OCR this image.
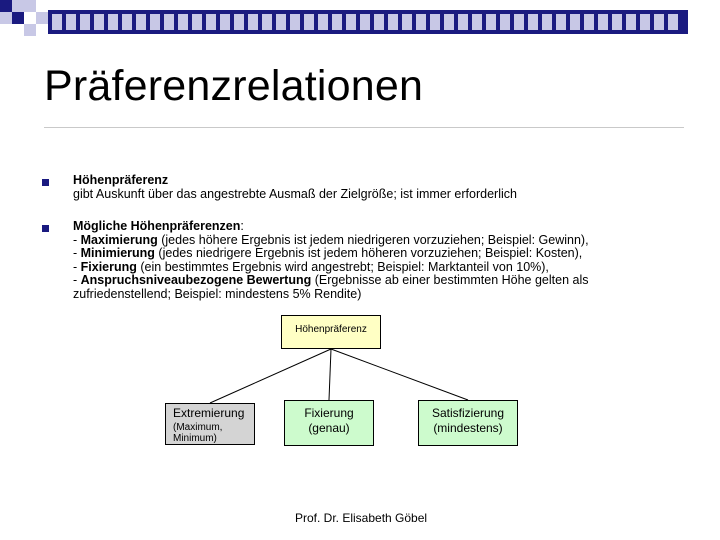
Präferenzrelationen
Höhenpräferenz
gibt Auskunft über das angestrebte Ausmaß der Zielgröße; ist immer erforderlich
Mögliche Höhenpräferenzen:
- Maximierung (jedes höhere Ergebnis ist jedem niedrigeren vorzuziehen; Beispiel: Gewinn),
- Minimierung (jedes niedrigere Ergebnis ist jedem höheren vorzuziehen; Beispiel: Kosten),
- Fixierung (ein bestimmtes Ergebnis wird angestrebt; Beispiel: Marktanteil von 10%),
- Anspruchsniveaubezogene Bewertung (Ergebnisse ab einer bestimmten Höhe gelten als
zufriedenstellend; Beispiel: mindestens 5% Rendite)
Höhenpräferenz
Extremierung
(Maximum,
Minimum)
Fixierung
(genau)
Satisfizierung
(mindestens)
Prof. Dr. Elisabeth Göbel
